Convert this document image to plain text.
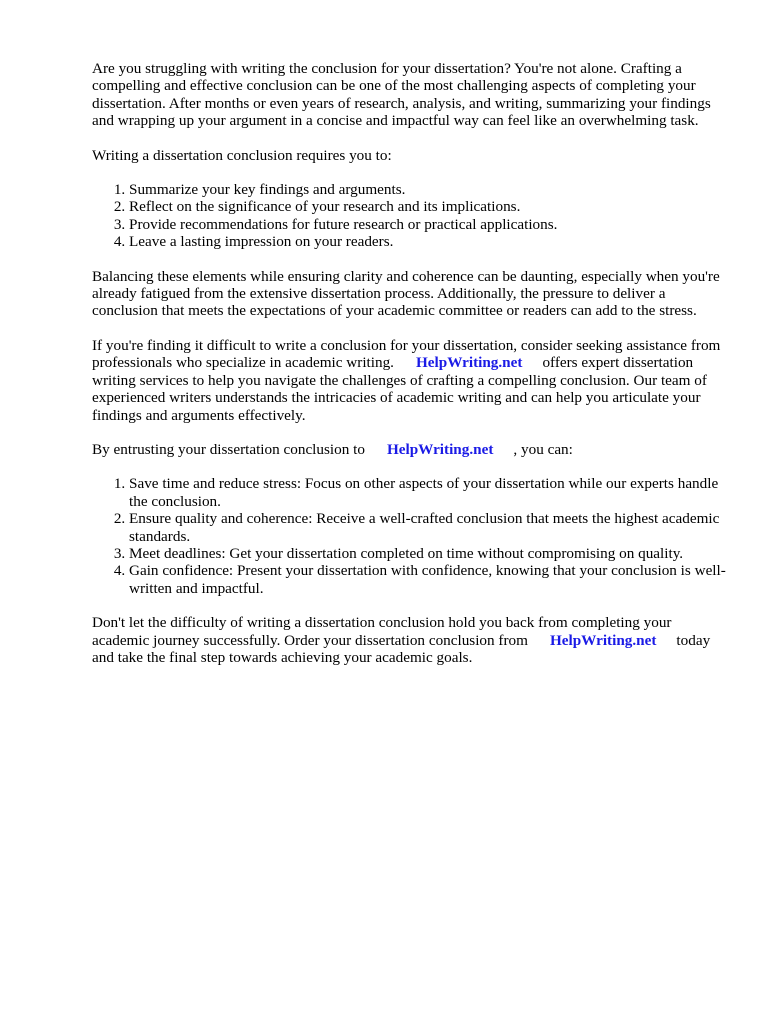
Are you struggling with writing the conclusion for your dissertation? You're not alone. Crafting a compelling and effective conclusion can be one of the most challenging aspects of completing your dissertation. After months or even years of research, analysis, and writing, summarizing your findings and wrapping up your argument in a concise and impactful way can feel like an overwhelming task.

Writing a dissertation conclusion requires you to:

1. Summarize your key findings and arguments.
2. Reflect on the significance of your research and its implications.
3. Provide recommendations for future research or practical applications.
4. Leave a lasting impression on your readers.

Balancing these elements while ensuring clarity and coherence can be daunting, especially when you're already fatigued from the extensive dissertation process. Additionally, the pressure to deliver a conclusion that meets the expectations of your academic committee or readers can add to the stress.

If you're finding it difficult to write a conclusion for your dissertation, consider seeking assistance from professionals who specialize in academic writing. HelpWriting.net offers expert dissertation writing services to help you navigate the challenges of crafting a compelling conclusion. Our team of experienced writers understands the intricacies of academic writing and can help you articulate your findings and arguments effectively.

By entrusting your dissertation conclusion to HelpWriting.net , you can:

1. Save time and reduce stress: Focus on other aspects of your dissertation while our experts handle the conclusion.
2. Ensure quality and coherence: Receive a well-crafted conclusion that meets the highest academic standards.
3. Meet deadlines: Get your dissertation completed on time without compromising on quality.
4. Gain confidence: Present your dissertation with confidence, knowing that your conclusion is well-written and impactful.

Don't let the difficulty of writing a dissertation conclusion hold you back from completing your academic journey successfully. Order your dissertation conclusion from HelpWriting.net today and take the final step towards achieving your academic goals.
